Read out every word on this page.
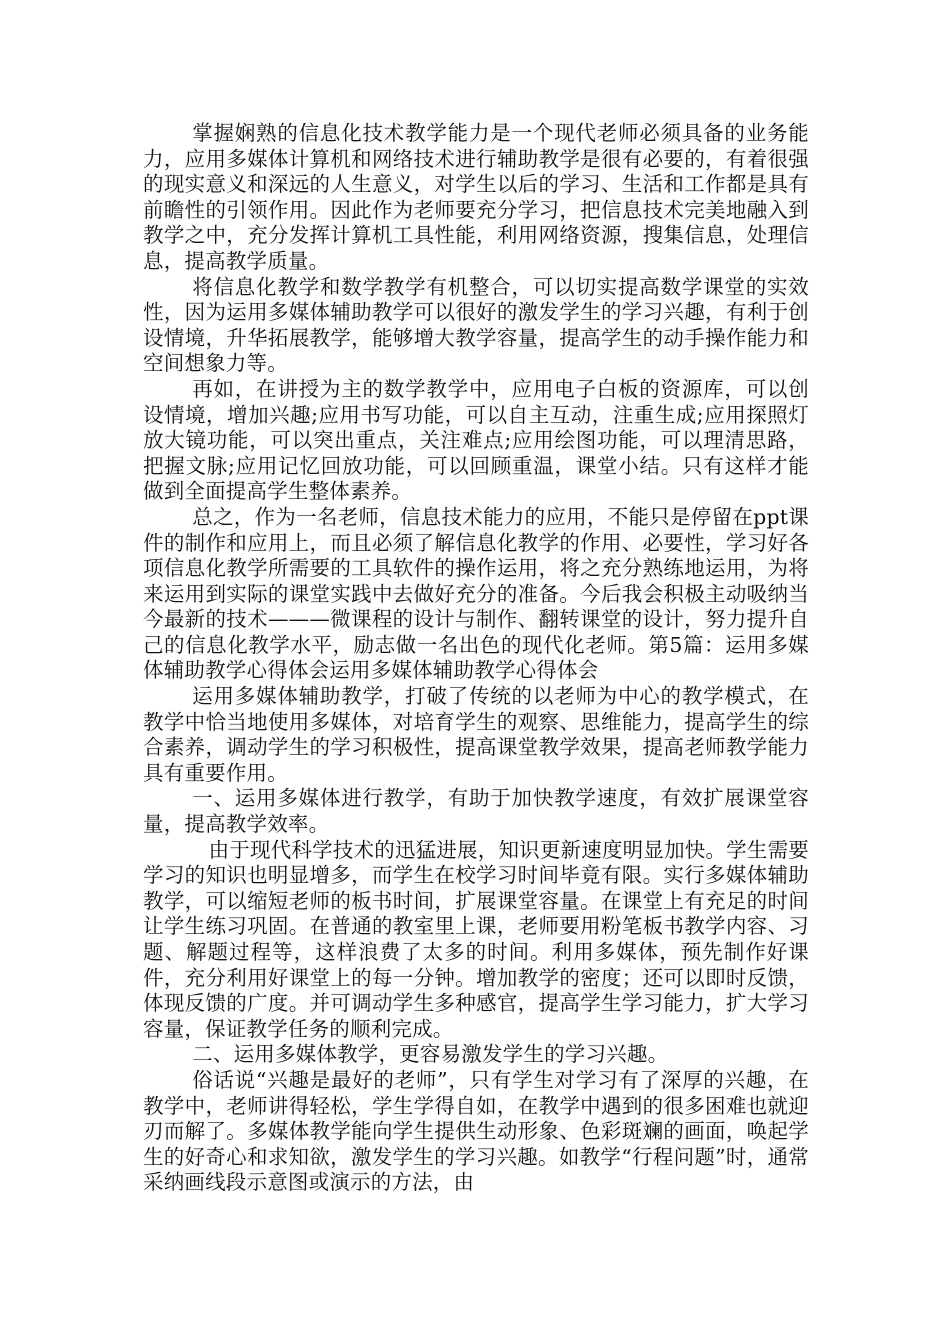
掌握娴熟的信息化技术教学能力是一个现代老师必须具备的业务能力，应用多媒体计算机和网络技术进行辅助教学是很有必要的，有着很强的现实意义和深远的人生意义，对学生以后的学习、生活和工作都是具有前瞻性的引领作用。因此作为老师要充分学习，把信息技术完美地融入到教学之中，充分发挥计算机工具性能，利用网络资源，搜集信息，处理信息，提高教学质量。

将信息化教学和数学教学有机整合，可以切实提高数学课堂的实效性，因为运用多媒体辅助教学可以很好的激发学生的学习兴趣，有利于创设情境，升华拓展教学，能够增大教学容量，提高学生的动手操作能力和空间想象力等。

再如，在讲授为主的数学教学中，应用电子白板的资源库，可以创设情境，增加兴趣;应用书写功能，可以自主互动，注重生成;应用探照灯放大镜功能，可以突出重点，关注难点;应用绘图功能，可以理清思路，把握文脉;应用记忆回放功能，可以回顾重温，课堂小结。只有这样才能做到全面提高学生整体素养。

总之，作为一名老师，信息技术能力的应用，不能只是停留在ppt课件的制作和应用上，而且必须了解信息化教学的作用、必要性，学习好各项信息化教学所需要的工具软件的操作运用，将之充分熟练地运用，为将来运用到实际的课堂实践中去做好充分的准备。今后我会积极主动吸纳当今最新的技术———微课程的设计与制作、翻转课堂的设计，努力提升自己的信息化教学水平，励志做一名出色的现代化老师。第5篇：运用多媒体辅助教学心得体会运用多媒体辅助教学心得体会

运用多媒体辅助教学，打破了传统的以老师为中心的教学模式，在教学中恰当地使用多媒体，对培育学生的观察、思维能力，提高学生的综合素养，调动学生的学习积极性，提高课堂教学效果，提高老师教学能力具有重要作用。

一、运用多媒体进行教学，有助于加快教学速度，有效扩展课堂容量，提高教学效率。

由于现代科学技术的迅猛进展，知识更新速度明显加快。学生需要学习的知识也明显增多，而学生在校学习时间毕竟有限。实行多媒体辅助教学，可以缩短老师的板书时间，扩展课堂容量。在课堂上有充足的时间让学生练习巩固。在普通的教室里上课，老师要用粉笔板书教学内容、习题、解题过程等，这样浪费了太多的时间。利用多媒体，预先制作好课件，充分利用好课堂上的每一分钟。增加教学的密度；还可以即时反馈，体现反馈的广度。并可调动学生多种感官，提高学生学习能力，扩大学习容量，保证教学任务的顺利完成。

二、运用多媒体教学，更容易激发学生的学习兴趣。

俗话说“兴趣是最好的老师”，只有学生对学习有了深厚的兴趣，在教学中，老师讲得轻松，学生学得自如，在教学中遇到的很多困难也就迎刃而解了。多媒体教学能向学生提供生动形象、色彩斑斓的画面，唤起学生的好奇心和求知欲，激发学生的学习兴趣。如教学“行程问题”时，通常采纳画线段示意图或演示的方法，由
